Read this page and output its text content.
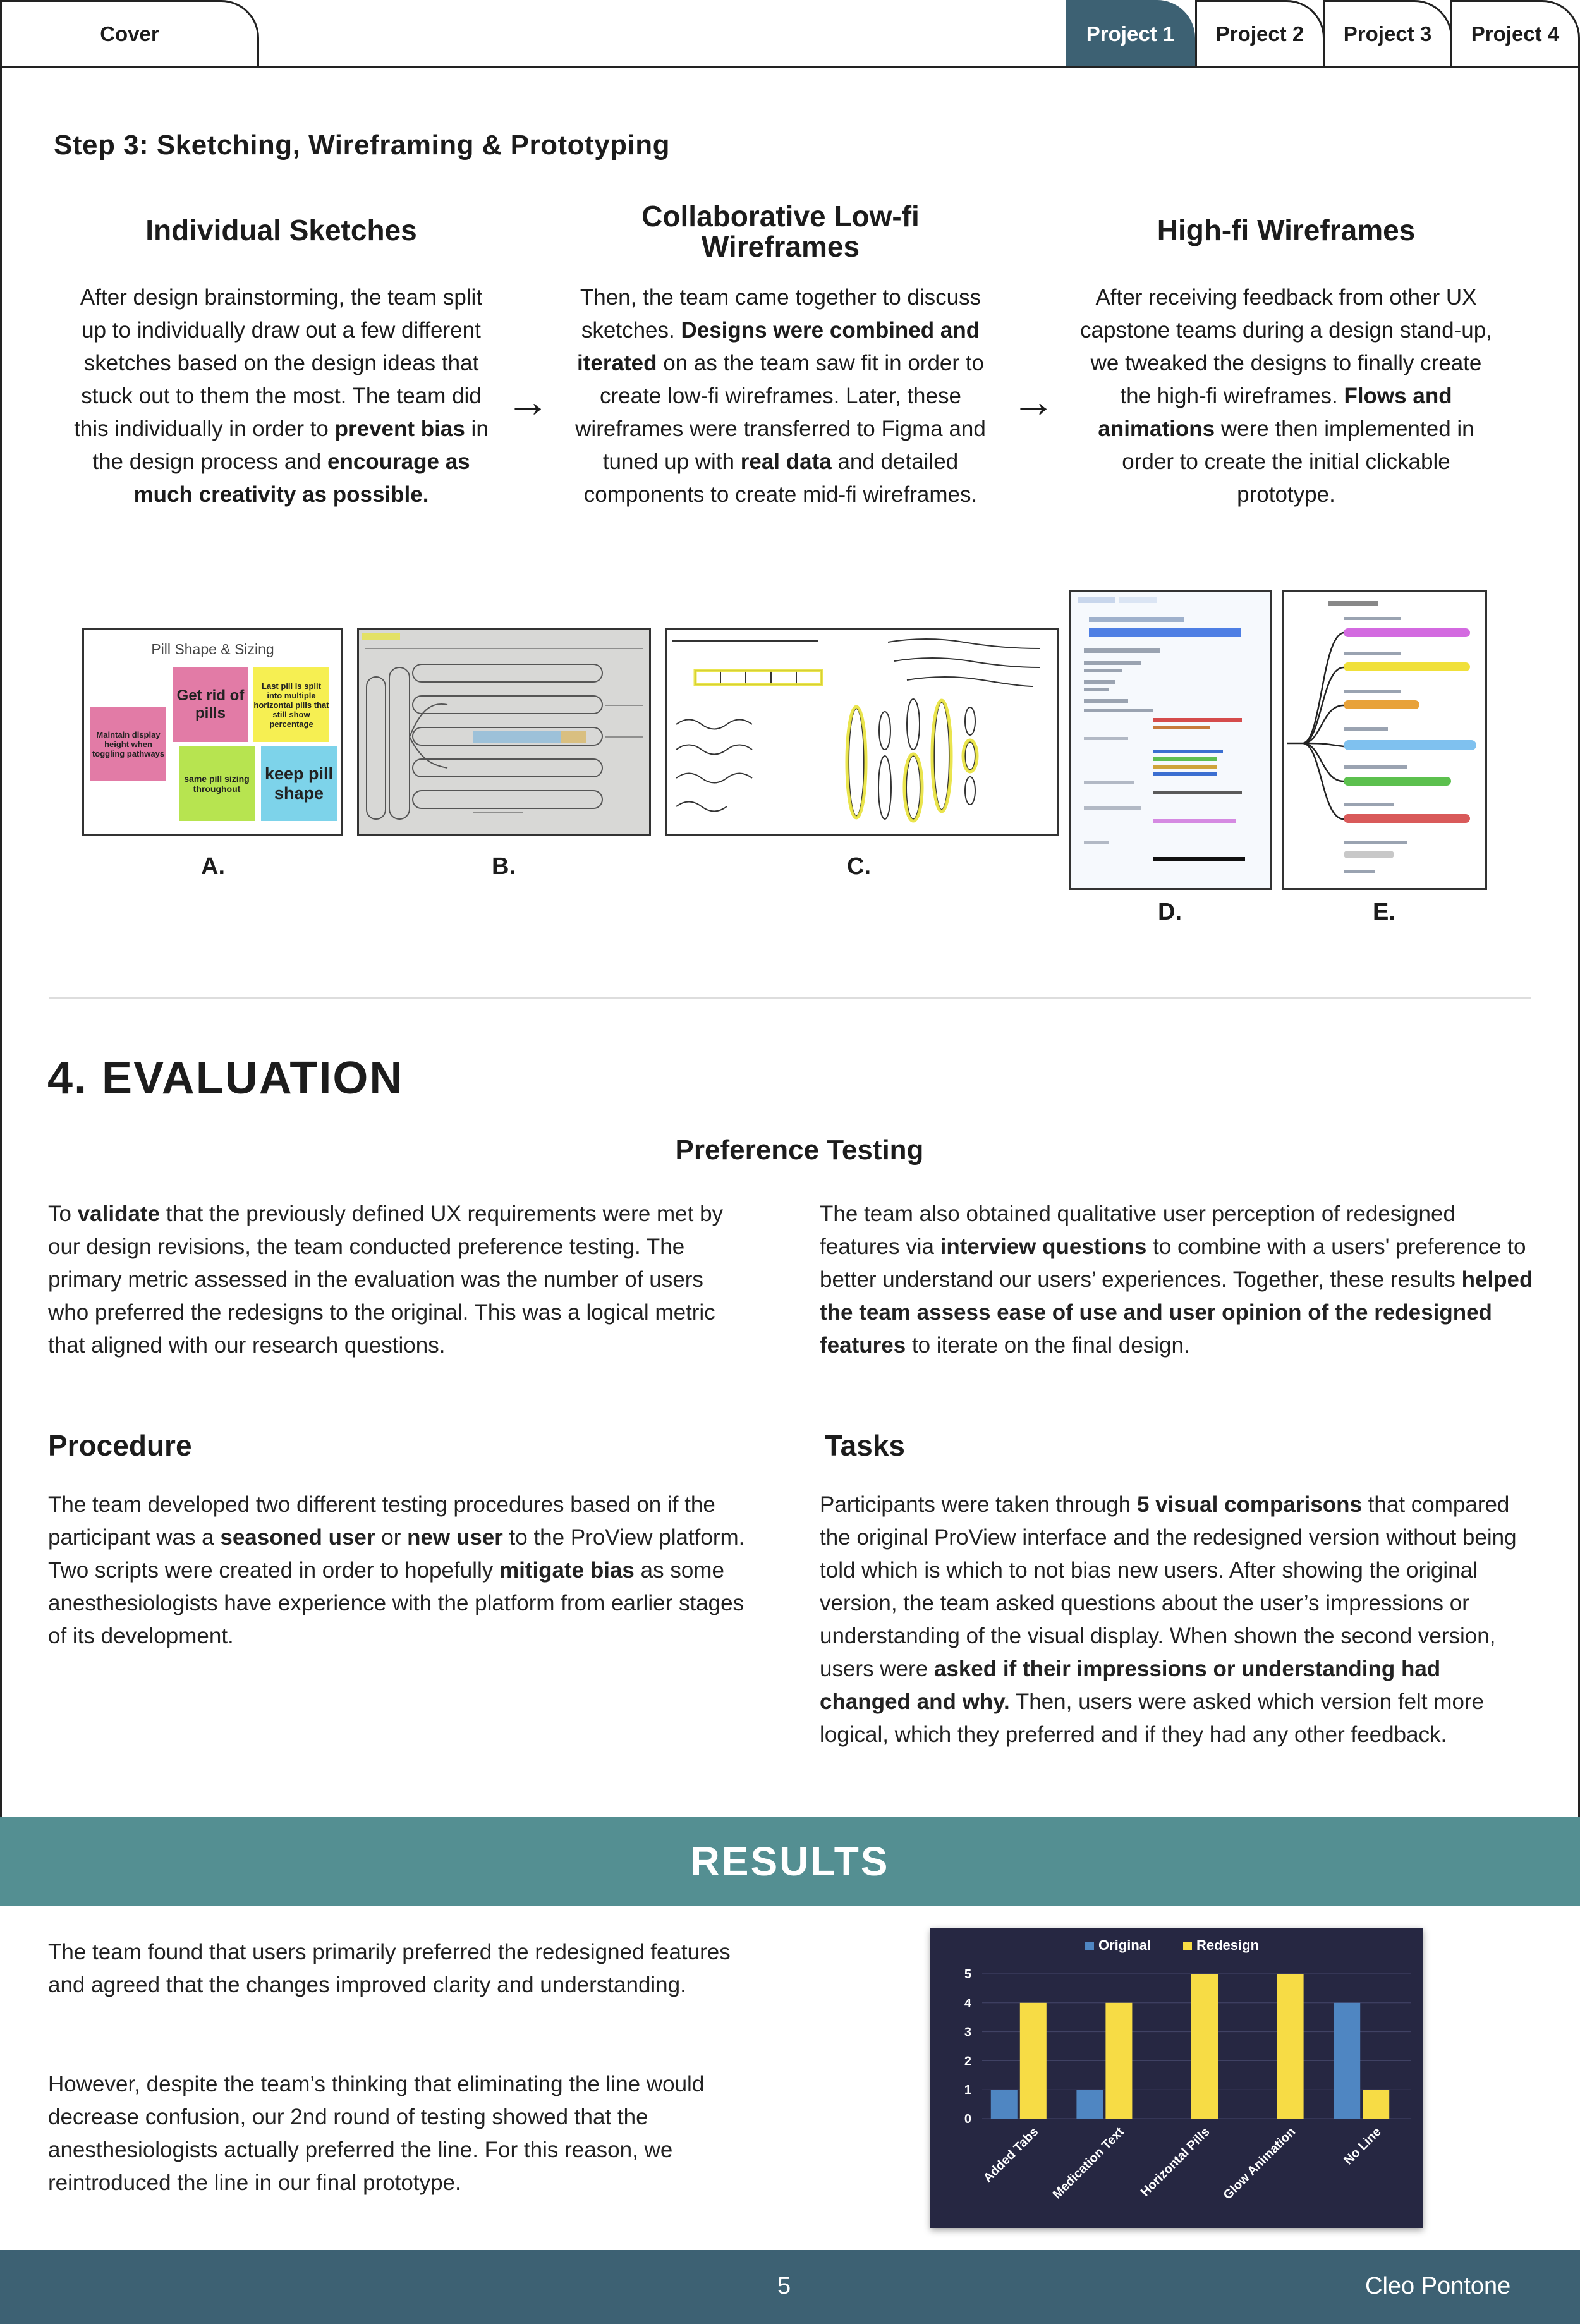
Cover	Project 1	Project 2	Project 3	Project 4
Step 3: Sketching, Wireframing & Prototyping
Individual Sketches
After design brainstorming, the team split up to individually draw out a few different sketches based on the design ideas that stuck out to them the most. The team did this individually in order to prevent bias in the design process and encourage as much creativity as possible.
Collaborative Low-fi Wireframes
Then, the team came together to discuss sketches. Designs were combined and iterated on as the team saw fit in order to create low-fi wireframes. Later, these wireframes were transferred to Figma and tuned up with real data and detailed components to create mid-fi wireframes.
High-fi Wireframes
After receiving feedback from other UX capstone teams during a design stand-up, we tweaked the designs to finally create the high-fi wireframes. Flows and animations were then implemented in order to create the initial clickable prototype.
→	→
Pill Shape & Sizing
Maintain display height when toggling pathways
Get rid of pills
Last pill is split into multiple horizontal pills that still show percentage
same pill sizing throughout
keep pill shape
A.	B.	C.
D.	E.
4. EVALUATION
Preference Testing
To validate that the previously defined UX requirements were met by our design revisions, the team conducted preference testing. The primary metric assessed in the evaluation was the number of users who preferred the redesigns to the original. This was a logical metric that aligned with our research questions.
The team also obtained qualitative user perception of redesigned features via interview questions to combine with a users' preference to better understand our users’ experiences. Together, these results helped the team assess ease of use and user opinion of the redesigned features to iterate on the final design.
Procedure
The team developed two different testing procedures based on if the participant was a seasoned user or new user to the ProView platform. Two scripts were created in order to hopefully mitigate bias as some anesthesiologists have experience with the platform from earlier stages of its development.
Tasks
Participants were taken through 5 visual comparisons that compared the original ProView interface and the redesigned version without being told which is which to not bias new users. After showing the original version, the team asked questions about the user’s impressions or understanding of the visual display. When shown the second version, users were asked if their impressions or understanding had changed and why. Then, users were asked which version felt more logical, which they preferred and if they had any other feedback.
RESULTS
The team found that users primarily preferred the redesigned features and agreed that the changes improved clarity and understanding.
However, despite the team’s thinking that eliminating the line would decrease confusion, our 2nd round of testing showed that the anesthesiologists actually preferred the line. For this reason, we reintroduced the line in our final prototype.
Original	Redesign
0
1
2
3
4
5
Added Tabs Medication Text Horizontal Pills Glow Animation	No Line
5	Cleo Pontone
